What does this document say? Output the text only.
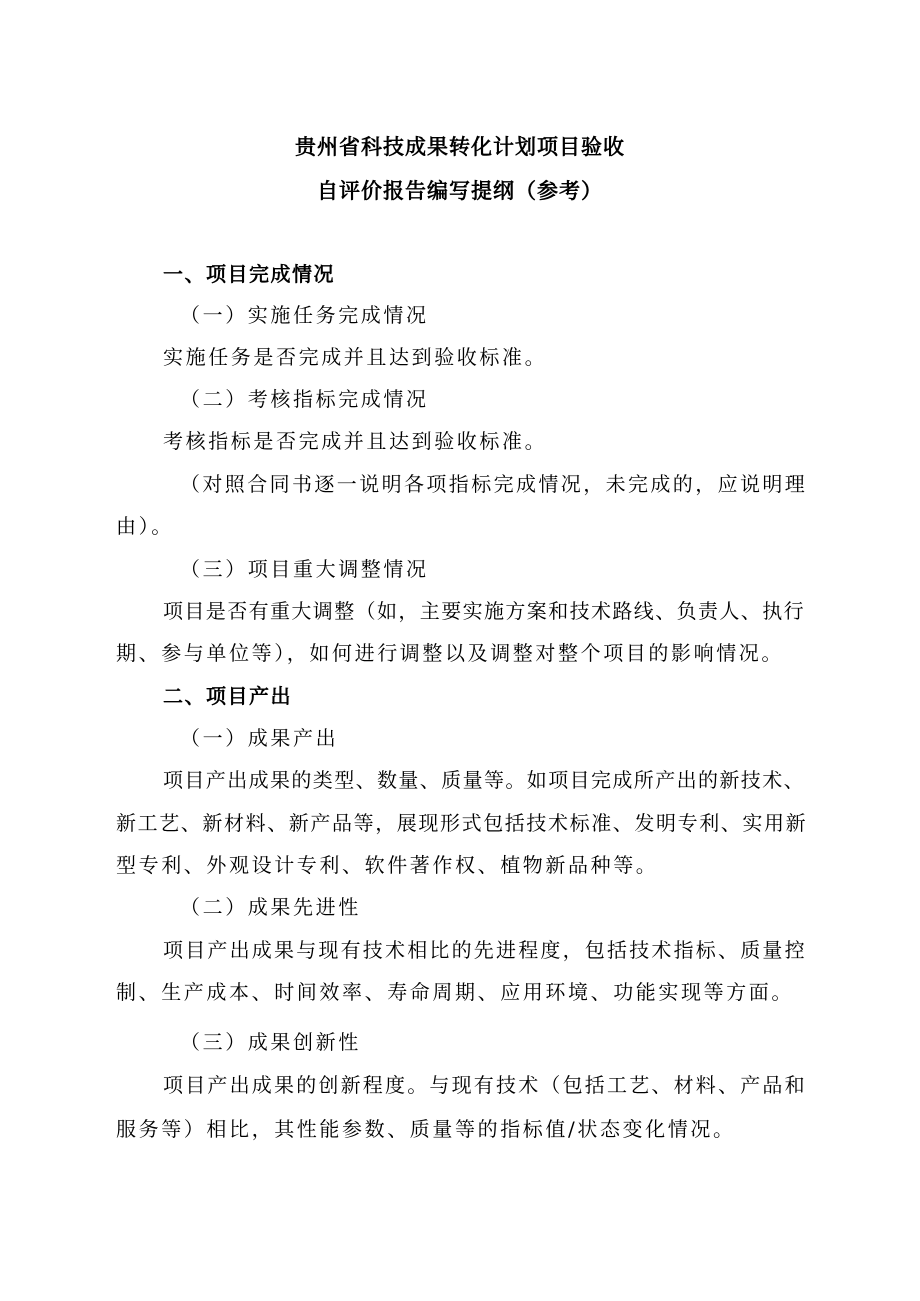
贵州省科技成果转化计划项目验收
自评价报告编写提纲（参考）
一、项目完成情况
（一）实施任务完成情况
实施任务是否完成并且达到验收标准。
（二）考核指标完成情况
考核指标是否完成并且达到验收标准。
（对照合同书逐一说明各项指标完成情况，未完成的，应说明理
由）。
（三）项目重大调整情况
项目是否有重大调整（如，主要实施方案和技术路线、负责人、执行
期、参与单位等），如何进行调整以及调整对整个项目的影响情况。
二、项目产出
（一）成果产出
项目产出成果的类型、数量、质量等。如项目完成所产出的新技术、
新工艺、新材料、新产品等，展现形式包括技术标准、发明专利、实用新
型专利、外观设计专利、软件著作权、植物新品种等。
（二）成果先进性
项目产出成果与现有技术相比的先进程度，包括技术指标、质量控
制、生产成本、时间效率、寿命周期、应用环境、功能实现等方面。
（三）成果创新性
项目产出成果的创新程度。与现有技术（包括工艺、材料、产品和
服务等）相比，其性能参数、质量等的指标值/状态变化情况。
